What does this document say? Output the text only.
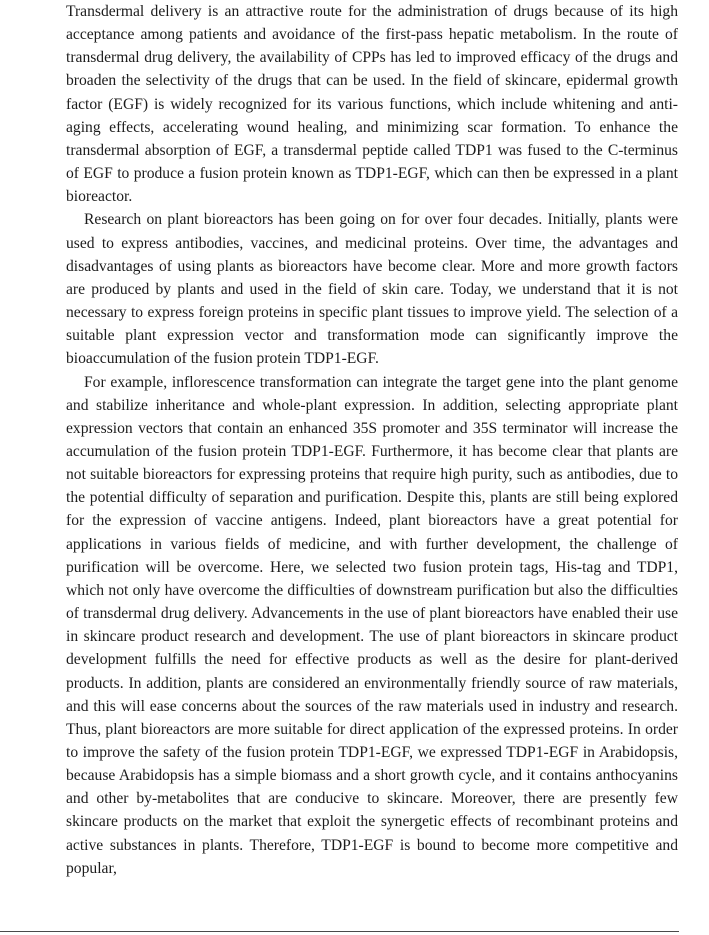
Transdermal delivery is an attractive route for the administration of drugs because of its high acceptance among patients and avoidance of the first-pass hepatic metabolism. In the route of transdermal drug delivery, the availability of CPPs has led to improved efficacy of the drugs and broaden the selectivity of the drugs that can be used. In the field of skincare, epidermal growth factor (EGF) is widely recognized for its various functions, which include whitening and anti-aging effects, accelerating wound healing, and minimizing scar formation. To enhance the transdermal absorption of EGF, a transdermal peptide called TDP1 was fused to the C-terminus of EGF to produce a fusion protein known as TDP1-EGF, which can then be expressed in a plant bioreactor.

Research on plant bioreactors has been going on for over four decades. Initially, plants were used to express antibodies, vaccines, and medicinal proteins. Over time, the advantages and disadvantages of using plants as bioreactors have become clear. More and more growth factors are produced by plants and used in the field of skin care. Today, we understand that it is not necessary to express foreign proteins in specific plant tissues to improve yield. The selection of a suitable plant expression vector and transformation mode can significantly improve the bioaccumulation of the fusion protein TDP1-EGF.

For example, inflorescence transformation can integrate the target gene into the plant genome and stabilize inheritance and whole-plant expression. In addition, selecting appropriate plant expression vectors that contain an enhanced 35S promoter and 35S terminator will increase the accumulation of the fusion protein TDP1-EGF. Furthermore, it has become clear that plants are not suitable bioreactors for expressing proteins that require high purity, such as antibodies, due to the potential difficulty of separation and purification. Despite this, plants are still being explored for the expression of vaccine antigens. Indeed, plant bioreactors have a great potential for applications in various fields of medicine, and with further development, the challenge of purification will be overcome. Here, we selected two fusion protein tags, His-tag and TDP1, which not only have overcome the difficulties of downstream purification but also the difficulties of transdermal drug delivery. Advancements in the use of plant bioreactors have enabled their use in skincare product research and development. The use of plant bioreactors in skincare product development fulfills the need for effective products as well as the desire for plant-derived products. In addition, plants are considered an environmentally friendly source of raw materials, and this will ease concerns about the sources of the raw materials used in industry and research. Thus, plant bioreactors are more suitable for direct application of the expressed proteins. In order to improve the safety of the fusion protein TDP1-EGF, we expressed TDP1-EGF in Arabidopsis, because Arabidopsis has a simple biomass and a short growth cycle, and it contains anthocyanins and other by-metabolites that are conducive to skincare. Moreover, there are presently few skincare products on the market that exploit the synergetic effects of recombinant proteins and active substances in plants. Therefore, TDP1-EGF is bound to become more competitive and popular,
